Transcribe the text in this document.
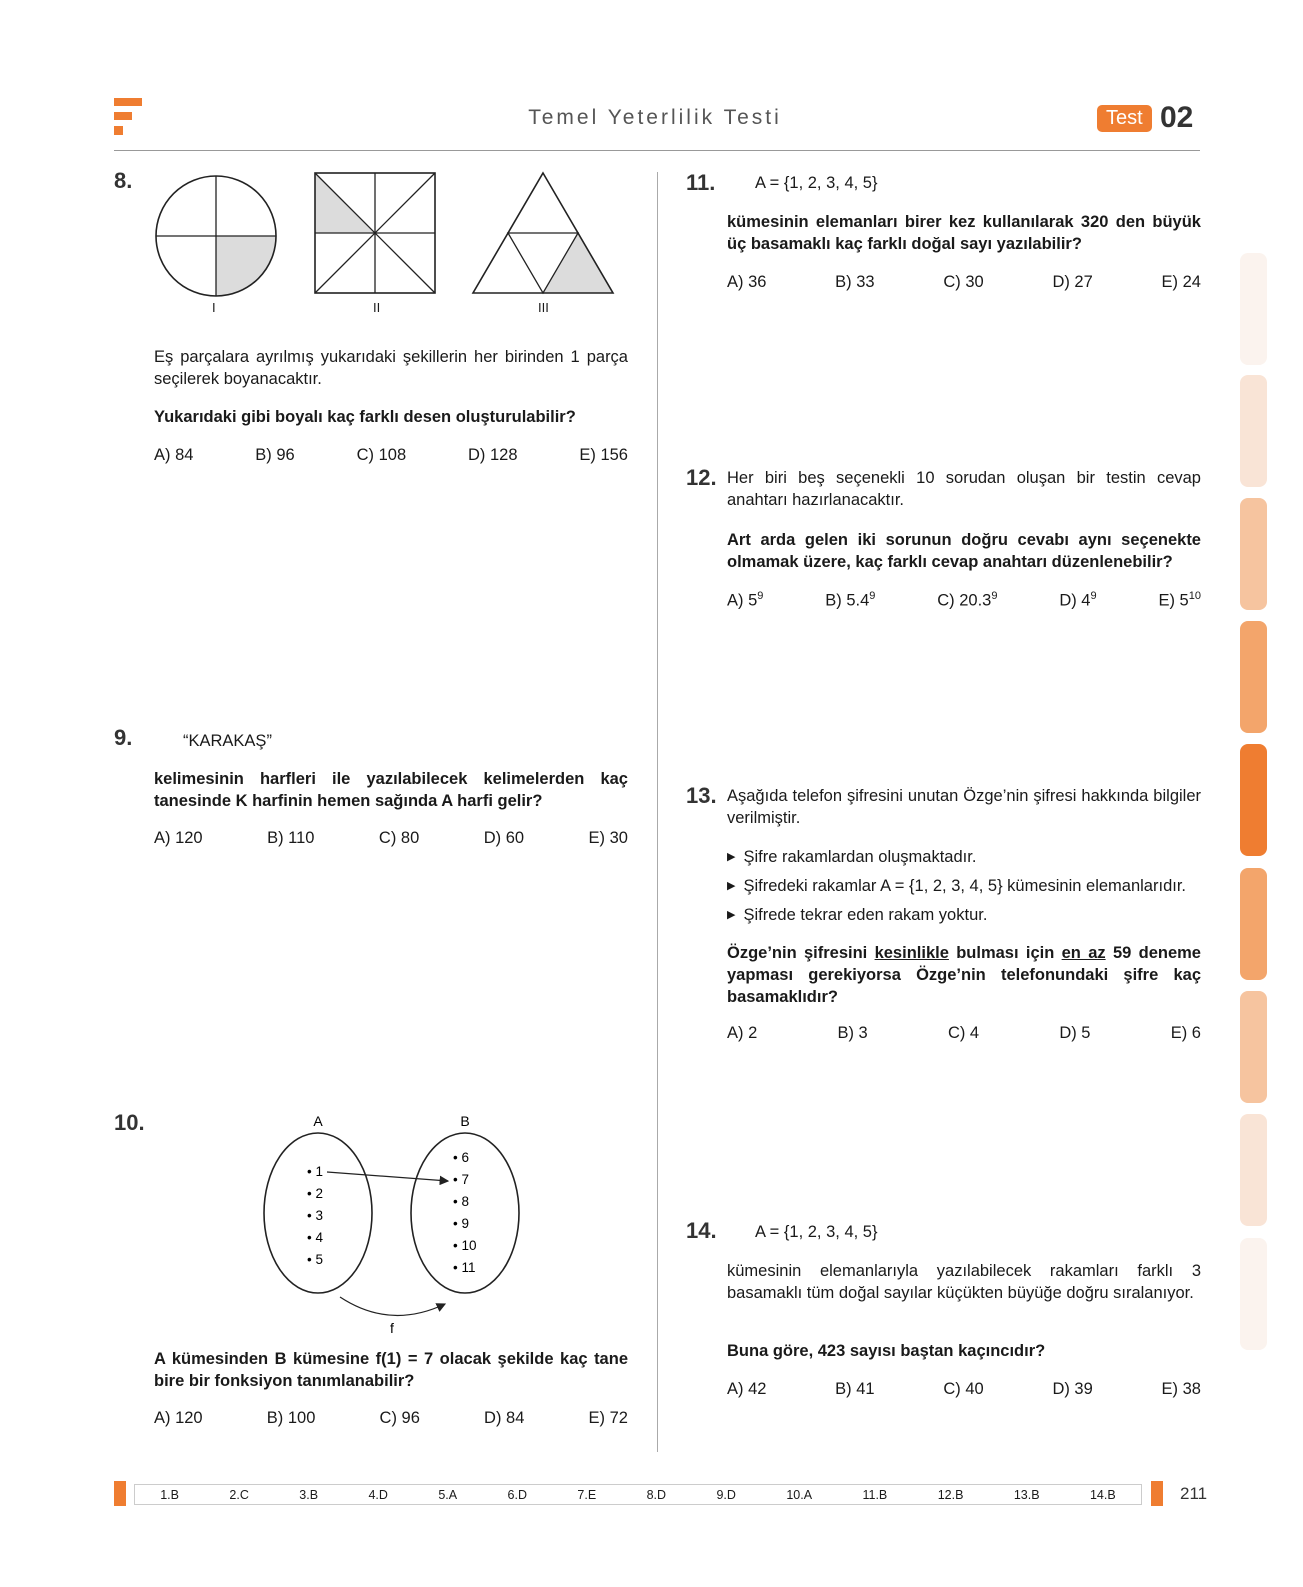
Temel Yeterlilik Testi	Test 02
8.
I	II	III
Eş parçalara ayrılmış yukarıdaki şekillerin her birinden 1 parça seçilerek boyanacaktır.
Yukarıdaki gibi boyalı kaç farklı desen oluşturulabilir?
A) 84	B) 96	C) 108	D) 128	E) 156
9.	“KARAKAŞ”
kelimesinin harfleri ile yazılabilecek kelimelerden kaç tanesinde K harfinin hemen sağında A harfi gelir?
A) 120	B) 110	C) 80	D) 60	E) 30
10.	A	B
• 1
• 2
• 3
• 4
• 5
• 6
• 7
• 8
• 9
• 10
• 11
f
A kümesinden B kümesine f(1) = 7 olacak şekilde kaç tane bire bir fonksiyon tanımlanabilir?
A) 120	B) 100	C) 96	D) 84	E) 72
11. A = {1, 2, 3, 4, 5}
kümesinin elemanları birer kez kullanılarak 320 den büyük üç basamaklı kaç farklı doğal sayı yazılabilir?
A) 36	B) 33	C) 30	D) 27	E) 24
12. Her biri beş seçenekli 10 sorudan oluşan bir testin cevap anahtarı hazırlanacaktır.
Art arda gelen iki sorunun doğru cevabı aynı seçenekte olmamak üzere, kaç farklı cevap anahtarı düzenlenebilir?
A) $5^9$	B) $5.4^9$	C) 20.3$^9$	D) $4^9$	E) $5^{10}$
13. Aşağıda telefon şifresini unutan Özge’nin şifresi hakkında bilgiler verilmiştir.
▶ Şifre rakamlardan oluşmaktadır.
▶ Şifredeki rakamlar A = {1, 2, 3, 4, 5} kümesinin elemanlarıdır.
▶ Şifrede tekrar eden rakam yoktur.
Özge’nin şifresini kesinlikle bulması için en az 59 deneme yapması gerekiyorsa Özge’nin telefonundaki şifre kaç basamaklıdır?
A) 2	B) 3	C) 4	D) 5	E) 6
14. A = {1, 2, 3, 4, 5}
kümesinin elemanlarıyla yazılabilecek rakamları farklı 3 basamaklı tüm doğal sayılar küçükten büyüğe doğru sıralanıyor.
Buna göre, 423 sayısı baştan kaçıncıdır?
A) 42	B) 41	C) 40	D) 39	E) 38
1.B	2.C	3.B	4.D	5.A	6.D	7.E	8.D	9.D	10.A	11.B	12.B	13.B	14.B	211
